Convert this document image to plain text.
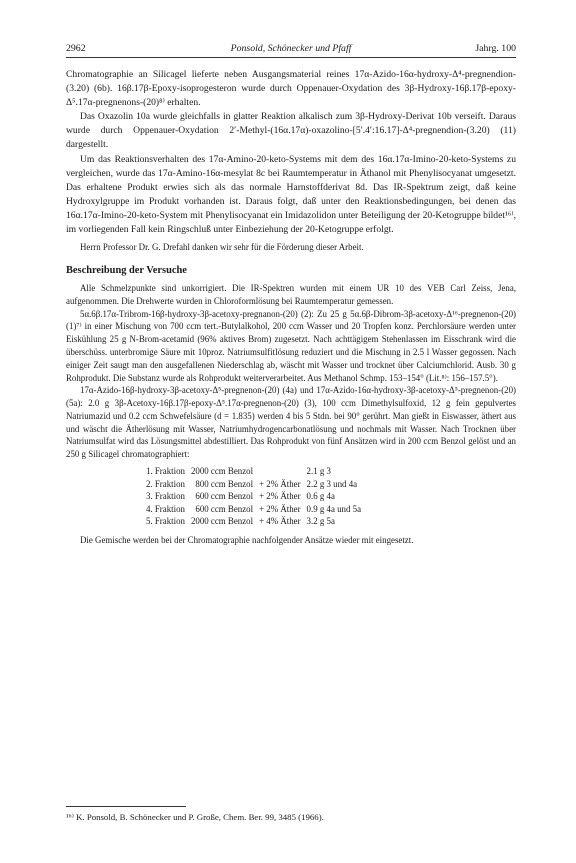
2962	Ponsold, Schönecker und Pfaff	Jahrg. 100

Chromatographie an Silicagel lieferte neben Ausgangsmaterial reines 17α-Azido-16α-hydroxy-Δ⁴-pregnendion-(3.20) (6b). 16β.17β-Epoxy-isoprogesteron wurde durch Oppenauer-Oxydation des 3β-Hydroxy-16β.17β-epoxy-Δ⁵.17α-pregnenons-(20)⁸⁾ erhalten.

Das Oxazolin 10a wurde gleichfalls in glatter Reaktion alkalisch zum 3β-Hydroxy-Derivat 10b verseift. Daraus wurde durch Oppenauer-Oxydation 2′-Methyl-(16α.17α)-oxazolino-[5′.4′:16.17]-Δ⁴-pregnendion-(3.20) (11) dargestellt.

Um das Reaktionsverhalten des 17α-Amino-20-keto-Systems mit dem des 16α.17α-Imino-20-keto-Systems zu vergleichen, wurde das 17α-Amino-16α-mesylat 8c bei Raumtemperatur in Äthanol mit Phenylisocyanat umgesetzt. Das erhaltene Produkt erwies sich als das normale Harnstoffderivat 8d. Das IR-Spektrum zeigt, daß keine Hydroxylgruppe im Produkt vorhanden ist. Daraus folgt, daß unter den Reaktionsbedingungen, bei denen das 16α.17α-Imino-20-keto-System mit Phenylisocyanat ein Imidazolidon unter Beteiligung der 20-Ketogruppe bildet¹⁶⁾, im vorliegenden Fall kein Ringschluß unter Einbeziehung der 20-Ketogruppe erfolgt.

Herrn Professor Dr. G. Drefahl danken wir sehr für die Förderung dieser Arbeit.

Beschreibung der Versuche

Alle Schmelzpunkte sind unkorrigiert. Die IR-Spektren wurden mit einem UR 10 des VEB Carl Zeiss, Jena, aufgenommen. Die Drehwerte wurden in Chloroformlösung bei Raumtemperatur gemessen.

5α.6β.17α-Tribrom-16β-hydroxy-3β-acetoxy-pregnanon-(20) (2): Zu 25 g 5α.6β-Dibrom-3β-acetoxy-Δ¹⁶-pregnenon-(20) (1)⁷⁾ in einer Mischung von 700 ccm tert.-Butylalkohol, 200 ccm Wasser und 20 Tropfen konz. Perchlorsäure werden unter Eiskühlung 25 g N-Brom-acetamid (96% aktives Brom) zugesetzt. Nach achttägigem Stehenlassen im Eisschrank wird die überschüss. unterbromige Säure mit 10proz. Natriumsulfitlösung reduziert und die Mischung in 2.5 l Wasser gegossen. Nach einiger Zeit saugt man den ausgefallenen Niederschlag ab, wäscht mit Wasser und trocknet über Calciumchlorid. Ausb. 30 g Rohprodukt. Die Substanz wurde als Rohprodukt weiterverarbeitet. Aus Methanol Schmp. 153–154° (Lit.⁸⁾: 156–157.5°).

17α-Azido-16β-hydroxy-3β-acetoxy-Δ⁵-pregnenon-(20) (4a) und 17α-Azido-16α-hydroxy-3β-acetoxy-Δ⁵-pregnenon-(20) (5a): 2.0 g 3β-Acetoxy-16β.17β-epoxy-Δ⁵.17α-pregnenon-(20) (3), 100 ccm Dimethylsulfoxid, 12 g fein gepulvertes Natriumazid und 0.2 ccm Schwefelsäure (d = 1.835) werden 4 bis 5 Stdn. bei 90° gerührt. Man gießt in Eiswasser, äthert aus und wäscht die Ätherlösung mit Wasser, Natriumhydrogencarbonatlösung und nochmals mit Wasser. Nach Trocknen über Natriumsulfat wird das Lösungsmittel abdestilliert. Das Rohprodukt von fünf Ansätzen wird in 200 ccm Benzol gelöst und an 250 g Silicagel chromatographiert:

1. Fraktion	2000 ccm Benzol		2.1 g 3
2. Fraktion	800 ccm Benzol	+ 2% Äther	2.2 g 3 und 4a
3. Fraktion	600 ccm Benzol	+ 2% Äther	0.6 g 4a
4. Fraktion	600 ccm Benzol	+ 2% Äther	0.9 g 4a und 5a
5. Fraktion	2000 ccm Benzol	+ 4% Äther	3.2 g 5a

Die Gemische werden bei der Chromatographie nachfolgender Ansätze wieder mit eingesetzt.

¹⁶⁾ K. Ponsold, B. Schönecker und P. Große, Chem. Ber. 99, 3485 (1966).
